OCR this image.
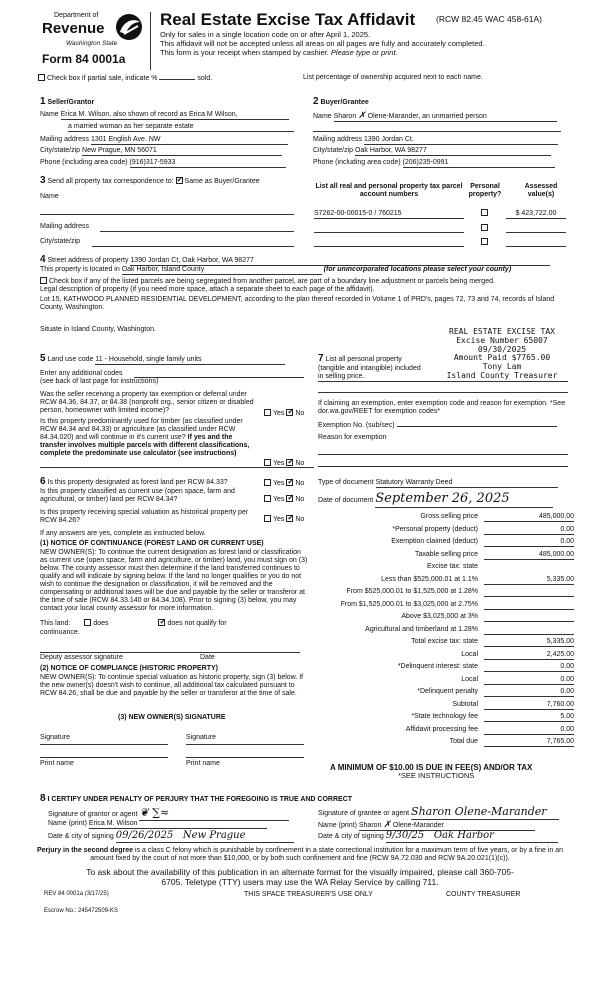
Department of
Revenue
Washington State
Form 84 0001a
Real Estate Excise Tax Affidavit (RCW 82.45 WAC 458-61A)
Only for sales in a single location code on or after April 1, 2025.
This affidavit will not be accepted unless all areas on all pages are fully and accurately completed.
This form is your receipt when stamped by cashier. Please type or print.
Check box if partial sale, indicate %	sold.	List percentage of ownership acquired next to each name.
1 Seller/Grantor
Name Erica M. Wilson, also shown of record as Erica M Wilson,
a married woman as her separate estate
Mailing address 1301 English Ave. NW
City/state/zip New Prague, MN 56071
Phone (including area code) (916)317-5933
2 Buyer/Grantee
Name Sharon ✗ Olene-Marander, an unmarried person
Mailing address 1390 Jordan Ct.
City/state/zip Oak Harbor, WA 98277
Phone (including area code) (206)235-0991
3 Send all property tax correspondence to: ✓ Same as Buyer/Grantee
Name
Mailing address
City/state/zip
List all real and personal property tax parcel account numbers
Personal property?
Assessed value(s)
S7262-00-00015-0 / 760215	$ 423,722.00
4 Street address of property 1390 Jordan Ct, Oak Harbor, WA 98277
This property is located in Oak Harbor, Island County	(for unincorporated locations please select your county)
Check box if any of the listed parcels are being segregated from another parcel, are part of a boundary line adjustment or parcels being merged.
Legal description of property (if you need more space, attach a separate sheet to each page of the affidavit).
Lot 15, KATHWOOD PLANNED RESIDENTIAL DEVELOPMENT, according to the plan thereof recorded in Volume 1 of PRD's, pages 72, 73 and 74, records of Island County, Washington.
Situate in Island County, Washington.	REAL ESTATE EXCISE TAX
Excise Number 65007
09/30/2025
Amount Paid $7765.00
Tony Lam
Island County Treasurer
5 Land use code 11 - Household, single family units
Enter any additional codes
(see back of last page for instructions)
Was the seller receiving a property tax exemption or deferral under RCW 84.36, 84.37, or 84.38 (nonprofit org., senior citizen or disabled person, homeowner with limited income)?	Yes ✓ No
Is this property predominantly used for timber (as classified under RCW 84.34 and 84.33) or agriculture (as classified under RCW 84.34.020) and will continue in it's current use? If yes and the transfer involves multiple parcels with different classifications, complete the predominate use calculator (see instructions)
Yes ✓ No
7 List all personal property (tangible and intangible) included in selling price.
If claiming an exemption, enter exemption code and reason for exemption. *See dor.wa.gov/REET for exemption codes*
Exemption No. (sub/sec)
Reason for exemption
6 Is this property designated as forest land per RCW 84.33?	Yes ✓ No
Is this property classified as current use (open space, farm and agricultural, or timber) land per RCW 84.34?	Yes ✓ No
Is this property receiving special valuation as historical property per RCW 84.26?	Yes ✓ No
If any answers are yes, complete as instructed below.
(1) NOTICE OF CONTINUANCE (FOREST LAND OR CURRENT USE)
NEW OWNER(S): To continue the current designation as forest land or classification as current use (open space, farm and agriculture, or timber) land, you must sign on (3) below. The county assessor must then determine if the land transferred continues to qualify and will indicate by signing below. If the land no longer qualifies or you do not wish to continue the designation or classification, it will be removed and the compensating or additional taxes will be due and payable by the seller or transferor at the time of sale (RCW 84.33.140 or 84.34.108). Prior to signing (3) below, you may contact your local county assessor for more information.
This land:	does ✓	does not qualify for
continuance.
Deputy assessor signature	Date
(2) NOTICE OF COMPLIANCE (HISTORIC PROPERTY)
NEW OWNER(S): To continue special valuation as historic property, sign (3) below. If the new owner(s) doesn't wish to continue, all additional tax calculated pursuant to RCW 84.26, shall be due and payable by the seller or transferor at the time of sale.
(3) NEW OWNER(S) SIGNATURE
Signature	Signature
Print name	Print name
Type of document Statutory Warranty Deed
Date of document September 26, 2025
Gross selling price	485,000.00
*Personal property (deduct)	0.00
Exemption claimed (deduct)	0.00
Taxable selling price	485,000.00
Excise tax: state
Less than $525,000.01 at 1.1%	5,335.00
From $525,000.01 to $1,525,000 at 1.28%

From $1,525,000.01 to $3,025,000 at 2.75%

Above $3,025,000 at 3%

Agricultural and timberland at 1.28%

Total excise tax: state	5,335.00
Local	2,425.00
*Delinquent interest: state	0.00
Local	0.00
*Delinquent penalty	0.00
Subtotal	7,760.00
*State technology fee	5.00
Affidavit processing fee	0.00
Total due	7,765.00
A MINIMUM OF $10.00 IS DUE IN FEE(S) AND/OR TAX
*SEE INSTRUCTIONS
8 I CERTIFY UNDER PENALTY OF PERJURY THAT THE FOREGOING IS TRUE AND CORRECT
Signature of grantor or agent ​❦ ∑≈
Name (print) Erica M. Wilson
Date & city of signing 09/26/2025 New Prague
Signature of grantee or agent Sharon Olene-Marander
Name (print) Sharon ✗ Olene-Marander
Date & city of signing 9/30/25 Oak Harbor
Perjury in the second degree is a class C felony which is punishable by confinement in a state correctional institution for a maximum term of five years, or by a fine in an amount fixed by the court of not more than $10,000, or by both such confinement and fine (RCW 9A.72.030 and RCW 9A.20.021(1)(c)).
To ask about the availability of this publication in an alternate format for the visually impaired, please call 360-705-6705. Teletype (TTY) users may use the WA Relay Service by calling 711.
REV 84 0001a (3/17/25)	THIS SPACE TREASURER'S USE ONLY	COUNTY TREASURER
Escrow No.: 245472509-KS
